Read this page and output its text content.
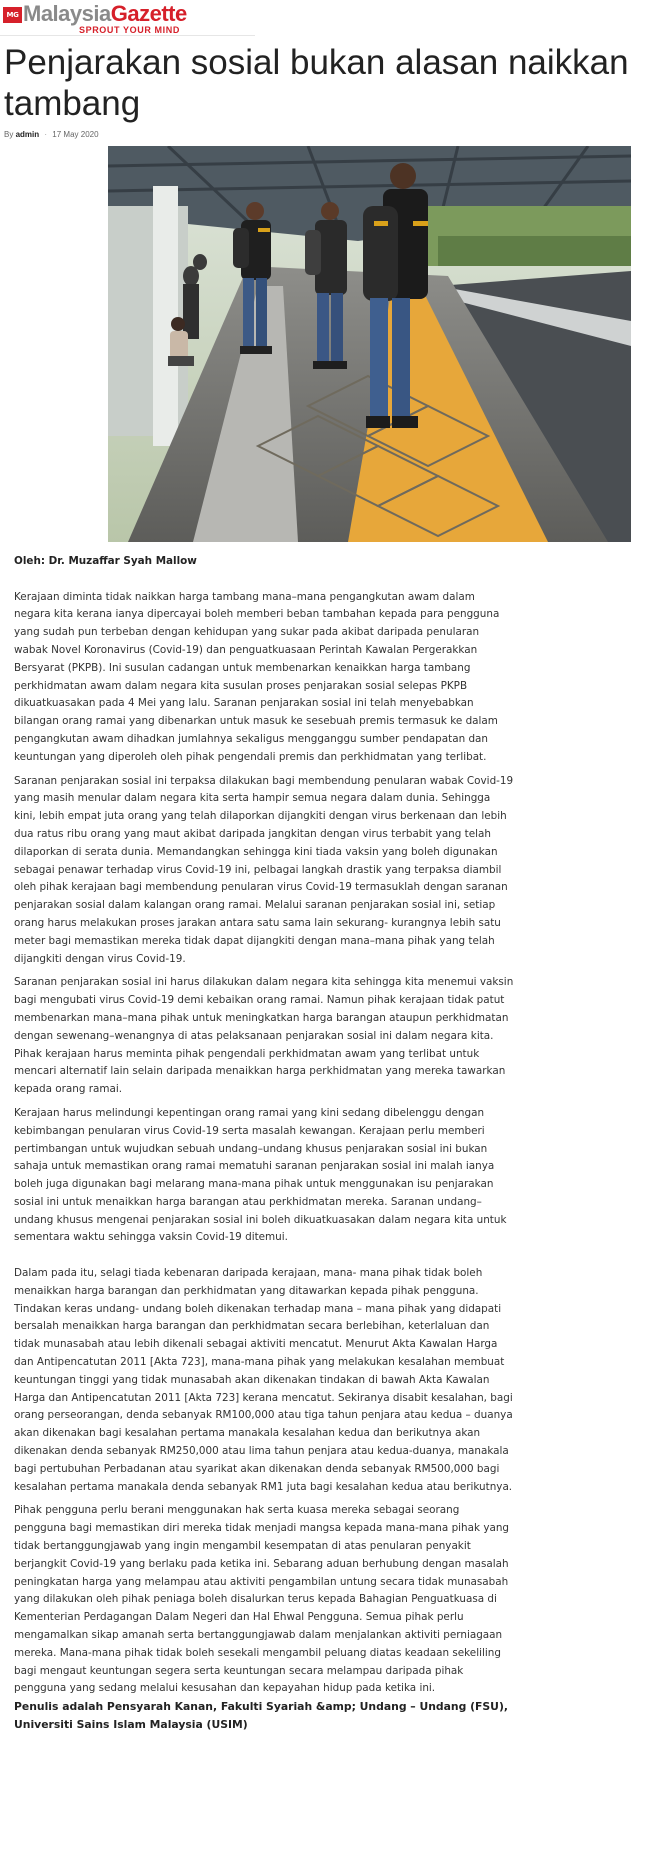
MG MalaysiaGazette
SPROUT YOUR MIND
Penjarakan sosial bukan alasan naikkan tambang
By admin · 17 May 2020

Oleh: Dr. Muzaffar Syah Mallow

Kerajaan diminta tidak naikkan harga tambang mana–mana pengangkutan awam dalam negara kita kerana ianya dipercayai boleh memberi beban tambahan kepada para pengguna yang sudah pun terbeban dengan kehidupan yang sukar pada akibat daripada penularan wabak Novel Koronavirus (Covid-19) dan penguatkuasaan Perintah Kawalan Pergerakkan Bersyarat (PKPB). Ini susulan cadangan untuk membenarkan kenaikkan harga tambang perkhidmatan awam dalam negara kita susulan proses penjarakan sosial selepas PKPB dikuatkuasakan pada 4 Mei yang lalu. Saranan penjarakan sosial ini telah menyebabkan bilangan orang ramai yang dibenarkan untuk masuk ke sesebuah premis termasuk ke dalam pengangkutan awam dihadkan jumlahnya sekaligus mengganggu sumber pendapatan dan keuntungan yang diperoleh oleh pihak pengendali premis dan perkhidmatan yang terlibat.

Saranan penjarakan sosial ini terpaksa dilakukan bagi membendung penularan wabak Covid-19 yang masih menular dalam negara kita serta hampir semua negara dalam dunia. Sehingga kini, lebih empat juta orang yang telah dilaporkan dijangkiti dengan virus berkenaan dan lebih dua ratus ribu orang yang maut akibat daripada jangkitan dengan virus terbabit yang telah dilaporkan di serata dunia. Memandangkan sehingga kini tiada vaksin yang boleh digunakan sebagai penawar terhadap virus Covid-19 ini, pelbagai langkah drastik yang terpaksa diambil oleh pihak kerajaan bagi membendung penularan virus Covid-19 termasuklah dengan saranan penjarakan sosial dalam kalangan orang ramai. Melalui saranan penjarakan sosial ini, setiap orang harus melakukan proses jarakan antara satu sama lain sekurang- kurangnya lebih satu meter bagi memastikan mereka tidak dapat dijangkiti dengan mana–mana pihak yang telah dijangkiti dengan virus Covid-19.

Saranan penjarakan sosial ini harus dilakukan dalam negara kita sehingga kita menemui vaksin bagi mengubati virus Covid-19 demi kebaikan orang ramai. Namun pihak kerajaan tidak patut membenarkan mana–mana pihak untuk meningkatkan harga barangan ataupun perkhidmatan dengan sewenang–wenangnya di atas pelaksanaan penjarakan sosial ini dalam negara kita. Pihak kerajaan harus meminta pihak pengendali perkhidmatan awam yang terlibat untuk mencari alternatif lain selain daripada menaikkan harga perkhidmatan yang mereka tawarkan kepada orang ramai.

Kerajaan harus melindungi kepentingan orang ramai yang kini sedang dibelenggu dengan kebimbangan penularan virus Covid-19 serta masalah kewangan. Kerajaan perlu memberi pertimbangan untuk wujudkan sebuah undang–undang khusus penjarakan sosial ini bukan sahaja untuk memastikan orang ramai mematuhi saranan penjarakan sosial ini malah ianya boleh juga digunakan bagi melarang mana-mana pihak untuk menggunakan isu penjarakan sosial ini untuk menaikkan harga barangan atau perkhidmatan mereka. Saranan undang–undang khusus mengenai penjarakan sosial ini boleh dikuatkuasakan dalam negara kita untuk sementara waktu sehingga vaksin Covid-19 ditemui.

Dalam pada itu, selagi tiada kebenaran daripada kerajaan, mana- mana pihak tidak boleh menaikkan harga barangan dan perkhidmatan yang ditawarkan kepada pihak pengguna. Tindakan keras undang- undang boleh dikenakan terhadap mana – mana pihak yang didapati bersalah menaikkan harga barangan dan perkhidmatan secara berlebihan, keterlaluan dan tidak munasabah atau lebih dikenali sebagai aktiviti mencatut. Menurut Akta Kawalan Harga dan Antipencatutan 2011 [Akta 723], mana-mana pihak yang melakukan kesalahan membuat keuntungan tinggi yang tidak munasabah akan dikenakan tindakan di bawah Akta Kawalan Harga dan Antipencatutan 2011 [Akta 723] kerana mencatut. Sekiranya disabit kesalahan, bagi orang perseorangan, denda sebanyak RM100,000 atau tiga tahun penjara atau kedua – duanya akan dikenakan bagi kesalahan pertama manakala kesalahan kedua dan berikutnya akan dikenakan denda sebanyak RM250,000 atau lima tahun penjara atau kedua-duanya, manakala bagi pertubuhan Perbadanan atau syarikat akan dikenakan denda sebanyak RM500,000 bagi kesalahan pertama manakala denda sebanyak RM1 juta bagi kesalahan kedua atau berikutnya.

Pihak pengguna perlu berani menggunakan hak serta kuasa mereka sebagai seorang pengguna bagi memastikan diri mereka tidak menjadi mangsa kepada mana-mana pihak yang tidak bertanggungjawab yang ingin mengambil kesempatan di atas penularan penyakit berjangkit Covid-19 yang berlaku pada ketika ini. Sebarang aduan berhubung dengan masalah peningkatan harga yang melampau atau aktiviti pengambilan untung secara tidak munasabah yang dilakukan oleh pihak peniaga boleh disalurkan terus kepada Bahagian Penguatkuasa di Kementerian Perdagangan Dalam Negeri dan Hal Ehwal Pengguna. Semua pihak perlu mengamalkan sikap amanah serta bertanggungjawab dalam menjalankan aktiviti perniagaan mereka. Mana-mana pihak tidak boleh sesekali mengambil peluang diatas keadaan sekeliling bagi mengaut keuntungan segera serta keuntungan secara melampau daripada pihak pengguna yang sedang melalui kesusahan dan kepayahan hidup pada ketika ini.

Penulis adalah Pensyarah Kanan, Fakulti Syariah &amp; Undang – Undang (FSU), Universiti Sains Islam Malaysia (USIM)
